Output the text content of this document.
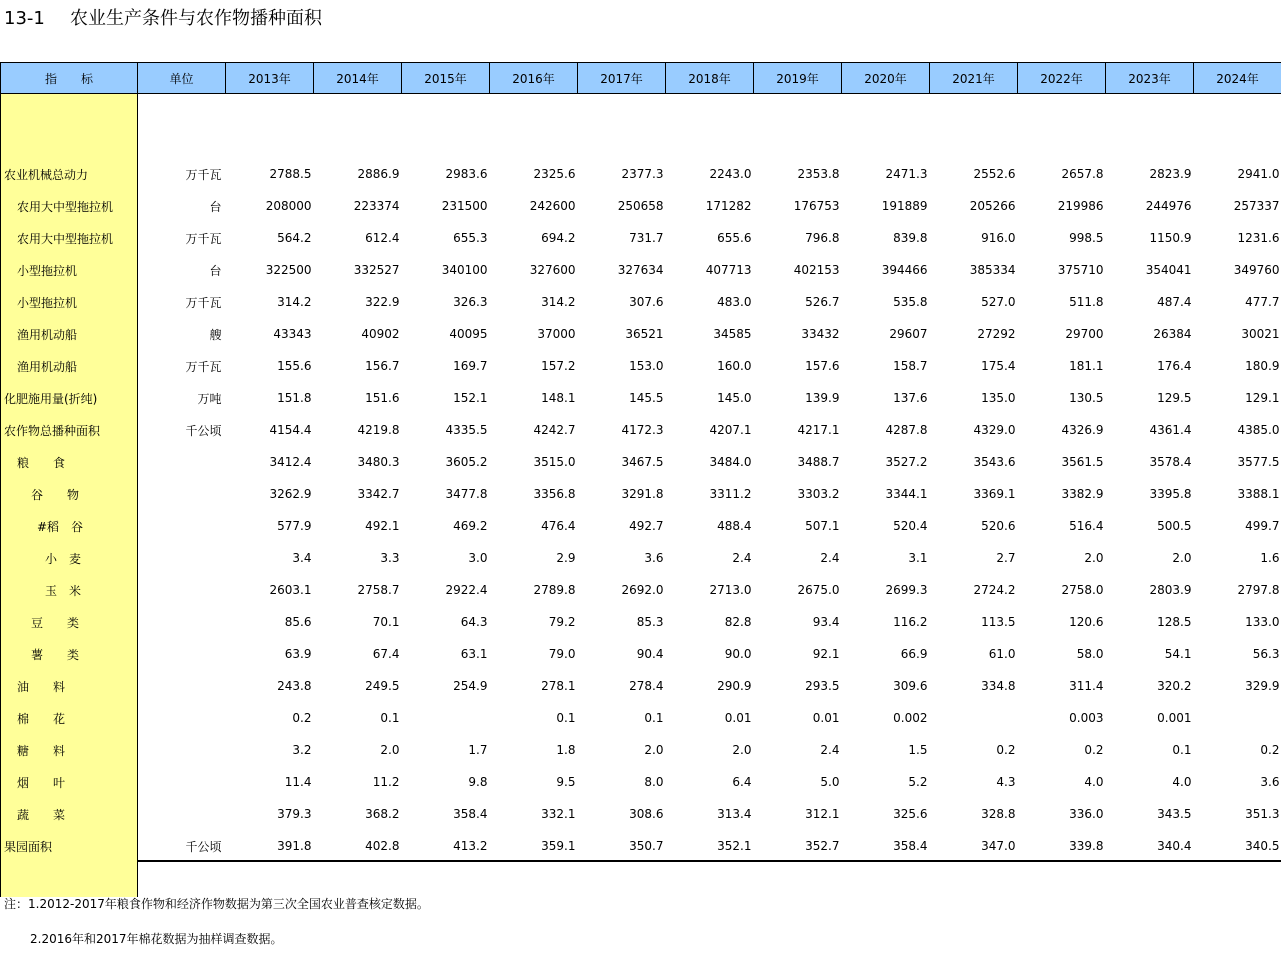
13-1 农业生产条件与农作物播种面积
指　　标	单位	2013年	2014年	2015年	2016年	2017年	2018年	2019年	2020年	2021年	2022年	2023年	2024年

农业机械总动力	万千瓦	2788.5	2886.9	2983.6	2325.6	2377.3	2243.0	2353.8	2471.3	2552.6	2657.8	2823.9	2941.0
农用大中型拖拉机	台	208000	223374	231500	242600	250658	171282	176753	191889	205266	219986	244976	257337
农用大中型拖拉机	万千瓦	564.2	612.4	655.3	694.2	731.7	655.6	796.8	839.8	916.0	998.5	1150.9	1231.6
小型拖拉机	台	322500	332527	340100	327600	327634	407713	402153	394466	385334	375710	354041	349760
小型拖拉机	万千瓦	314.2	322.9	326.3	314.2	307.6	483.0	526.7	535.8	527.0	511.8	487.4	477.7
渔用机动船	艘	43343	40902	40095	37000	36521	34585	33432	29607	27292	29700	26384	30021
渔用机动船	万千瓦	155.6	156.7	169.7	157.2	153.0	160.0	157.6	158.7	175.4	181.1	176.4	180.9
化肥施用量(折纯)	万吨	151.8	151.6	152.1	148.1	145.5	145.0	139.9	137.6	135.0	130.5	129.5	129.1
农作物总播种面积	千公顷	4154.4	4219.8	4335.5	4242.7	4172.3	4207.1	4217.1	4287.8	4329.0	4326.9	4361.4	4385.0
粮　　食		3412.4	3480.3	3605.2	3515.0	3467.5	3484.0	3488.7	3527.2	3543.6	3561.5	3578.4	3577.5
谷　　物		3262.9	3342.7	3477.8	3356.8	3291.8	3311.2	3303.2	3344.1	3369.1	3382.9	3395.8	3388.1
#稻　谷		577.9	492.1	469.2	476.4	492.7	488.4	507.1	520.4	520.6	516.4	500.5	499.7
小　麦		3.4	3.3	3.0	2.9	3.6	2.4	2.4	3.1	2.7	2.0	2.0	1.6
玉　米		2603.1	2758.7	2922.4	2789.8	2692.0	2713.0	2675.0	2699.3	2724.2	2758.0	2803.9	2797.8
豆　　类		85.6	70.1	64.3	79.2	85.3	82.8	93.4	116.2	113.5	120.6	128.5	133.0
薯　　类		63.9	67.4	63.1	79.0	90.4	90.0	92.1	66.9	61.0	58.0	54.1	56.3
油　　料		243.8	249.5	254.9	278.1	278.4	290.9	293.5	309.6	334.8	311.4	320.2	329.9
棉　　花		0.2	0.1		0.1	0.1	0.01	0.01	0.002		0.003	0.001	
糖　　料		3.2	2.0	1.7	1.8	2.0	2.0	2.4	1.5	0.2	0.2	0.1	0.2
烟　　叶		11.4	11.2	9.8	9.5	8.0	6.4	5.0	5.2	4.3	4.0	4.0	3.6
蔬　　菜		379.3	368.2	358.4	332.1	308.6	313.4	312.1	325.6	328.8	336.0	343.5	351.3
果园面积	千公顷	391.8	402.8	413.2	359.1	350.7	352.1	352.7	358.4	347.0	339.8	340.4	340.5

注：1.2012-2017年粮食作物和经济作物数据为第三次全国农业普查核定数据。
2.2016年和2017年棉花数据为抽样调查数据。
